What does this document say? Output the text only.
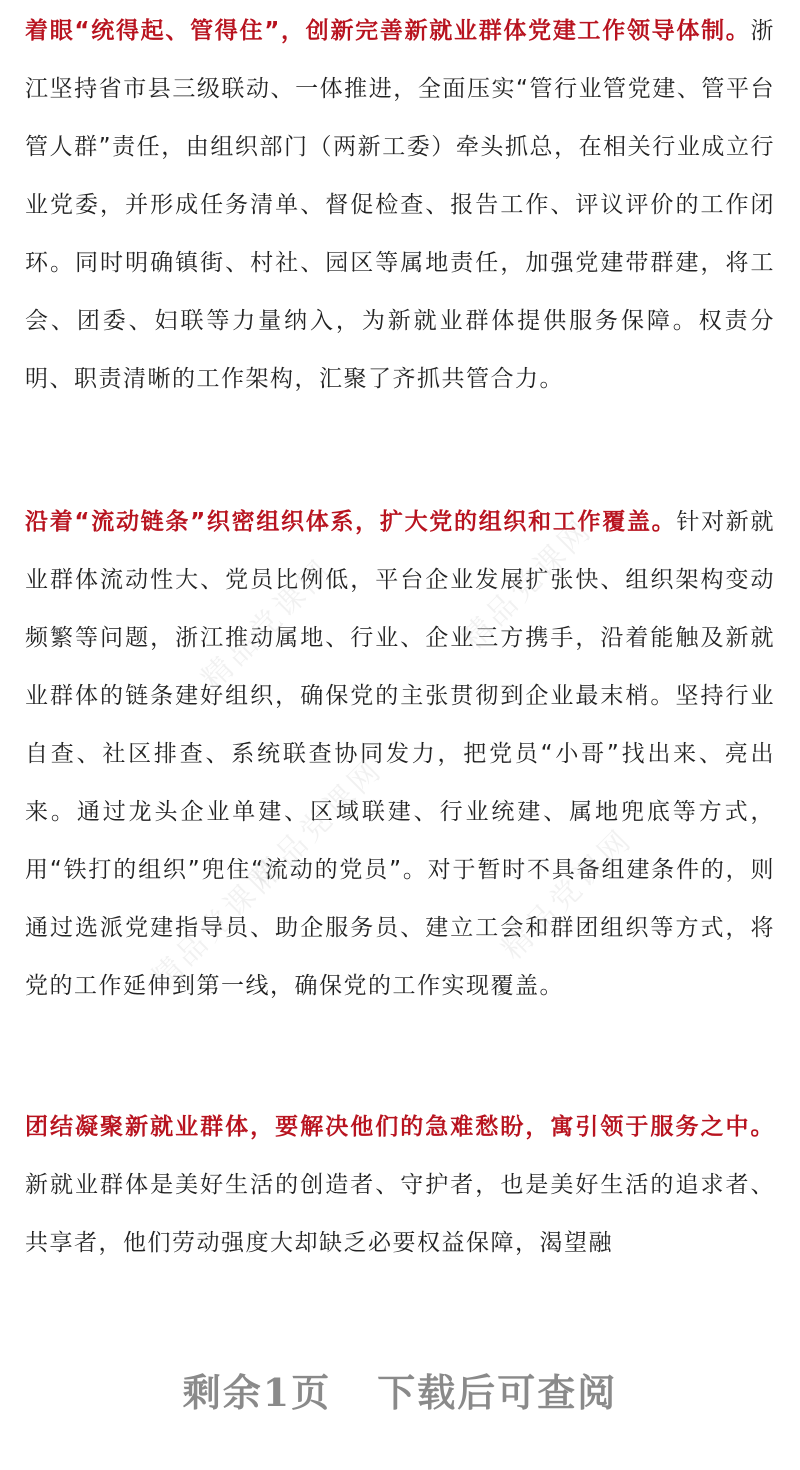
着眼“统得起、管得住”，创新完善新就业群体党建工作领导体制。浙江坚持省市县三级联动、一体推进，全面压实“管行业管党建、管平台管人群”责任，由组织部门（两新工委）牵头抓总，在相关行业成立行业党委，并形成任务清单、督促检查、报告工作、评议评价的工作闭环。同时明确镇街、村社、园区等属地责任，加强党建带群建，将工会、团委、妇联等力量纳入，为新就业群体提供服务保障。权责分明、职责清晰的工作架构，汇聚了齐抓共管合力。

沿着“流动链条”织密组织体系，扩大党的组织和工作覆盖。针对新就业群体流动性大、党员比例低，平台企业发展扩张快、组织架构变动频繁等问题，浙江推动属地、行业、企业三方携手，沿着能触及新就业群体的链条建好组织，确保党的主张贯彻到企业最末梢。坚持行业自查、社区排查、系统联查协同发力，把党员“小哥”找出来、亮出来。通过龙头企业单建、区域联建、行业统建、属地兜底等方式，用“铁打的组织”兜住“流动的党员”。对于暂时不具备组建条件的，则通过选派党建指导员、助企服务员、建立工会和群团组织等方式，将党的工作延伸到第一线，确保党的工作实现覆盖。

团结凝聚新就业群体，要解决他们的急难愁盼，寓引领于服务之中。新就业群体是美好生活的创造者、守护者，也是美好生活的追求者、共享者，他们劳动强度大却缺乏必要权益保障，渴望融

精品党课网	精品党课网
精品党课网	精品党课网
精品党课网
剩余1页 下载后可查阅
